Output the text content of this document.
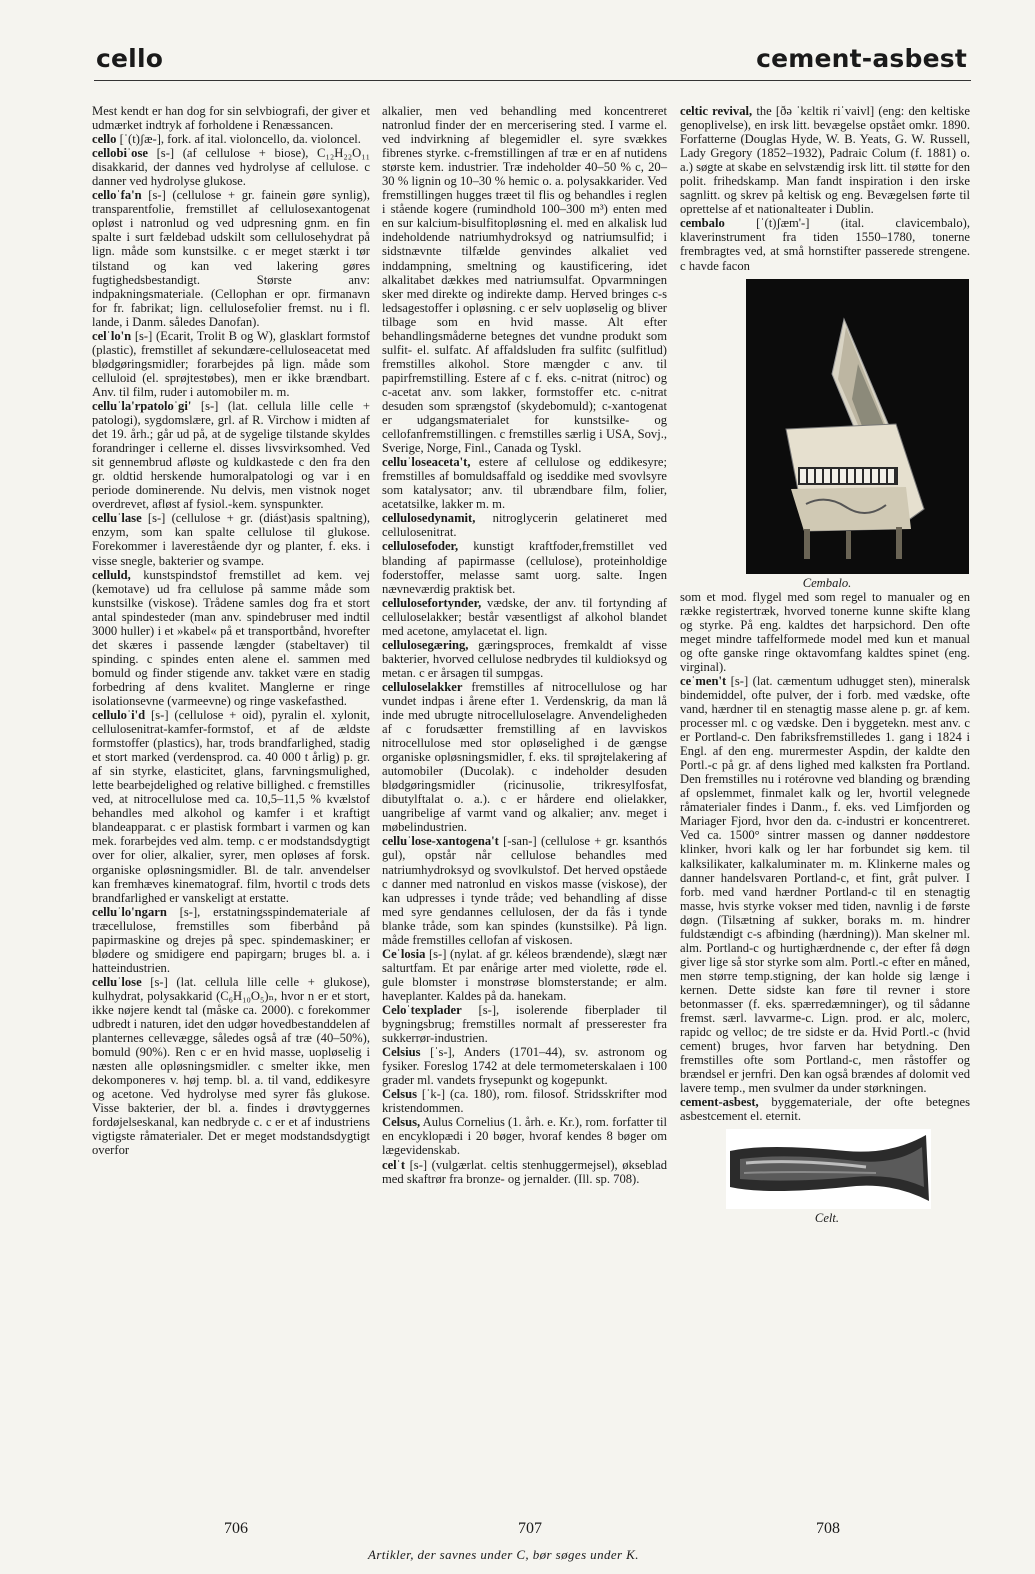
cello	cement-asbest

Mest kendt er han dog for sin selvbiografi, der giver et udmærket indtryk af forholdene i Renæssancen.

cello [ˈ(t)ʃæ-], fork. af ital. violoncello, da. violoncel.

cellobiˈose [s-] (af cellulose + biose), C₁₂H₂₂O₁₁ disakkarid, der dannes ved hydrolyse af cellulose. c danner ved hydrolyse glukose.

celloˈfa'n [s-] (cellulose + gr. fainein gøre synlig), transparentfolie, fremstillet af cellulosexantogenat opløst i natronlud og ved udpresning gnm. en fin spalte i surt fældebad udskilt som cellulosehydrat på lign. måde som kunstsilke. c er meget stærkt i tør tilstand og kan ved lakering gøres fugtighedsbestandigt. Største anv: indpakningsmateriale. (Cellophan er opr. firmanavn for fr. fabrikat; lign. cellulosefolier fremst. nu i fl. lande, i Danm. således Danofan).

celˈlo'n [s-] (Ecarit, Trolit B og W), glasklart formstof (plastic), fremstillet af sekundære-celluloseacetat med blødgøringsmidler; forarbejdes på lign. måde som celluloid (el. sprøjtestøbes), men er ikke brændbart. Anv. til film, ruder i automobiler m. m.

celluˈla'rpatoloˈgi' [s-] (lat. cellula lille celle + patologi), sygdomslære, grl. af R. Virchow i midten af det 19. årh.; går ud på, at de sygelige tilstande skyldes forandringer i cellerne el. disses livsvirksomhed. Ved sit gennembrud afløste og kuldkastede c den fra den gr. oldtid herskende humoralpatologi og var i en periode dominerende. Nu delvis, men vistnok noget overdrevet, afløst af fysiol.-kem. synspunkter.

celluˈlase [s-] (cellulose + gr. (diást)asis spaltning), enzym, som kan spalte cellulose til glukose. Forekommer i laverestående dyr og planter, f. eks. i visse snegle, bakterier og svampe.

celluld, kunstspindstof fremstillet ad kem. vej (kemotave) ud fra cellulose på samme måde som kunstsilke (viskose). Trådene samles dog fra et stort antal spindesteder (man anv. spindebruser med indtil 3000 huller) i et »kabel« på et transportbånd, hvorefter det skæres i passende længder (stabeltaver) til spinding. c spindes enten alene el. sammen med bomuld og finder stigende anv. takket være en stadig forbedring af dens kvalitet. Manglerne er ringe isolationsevne (varmeevne) og ringe vaskefasthed.

celluloˈi'd [s-] (cellulose + oid), pyralin el. xylonit, cellulosenitrat-kamfer-formstof, et af de ældste formstoffer (plastics), har, trods brandfarlighed, stadig et stort marked (verdensprod. ca. 40 000 t årlig) p. gr. af sin styrke, elasticitet, glans, farvningsmulighed, lette bearbejdelighed og relative billighed. c fremstilles ved, at nitrocellulose med ca. 10,5–11,5 % kvælstof behandles med alkohol og kamfer i et kraftigt blandeapparat. c er plastisk formbart i varmen og kan mek. forarbejdes ved alm. temp. c er modstandsdygtigt over for olier, alkalier, syrer, men opløses af forsk. organiske opløsningsmidler. Bl. de talr. anvendelser kan fremhæves kinematograf. film, hvortil c trods dets brandfarlighed er vanskeligt at erstatte.

celluˈlo'ngarn [s-], erstatningsspindemateriale af træcellulose, fremstilles som fiberbånd på papirmaskine og drejes på spec. spindemaskiner; er blødere og smidigere end papirgarn; bruges bl. a. i hatteindustrien.

celluˈlose [s-] (lat. cellula lille celle + glukose), kulhydrat, polysakkarid (C₆H₁₀O₅)ₙ, hvor n er et stort, ikke nøjere kendt tal (måske ca. 2000). c forekommer udbredt i naturen, idet den udgør hovedbestanddelen af planternes cellevægge, således også af træ (40–50%), bomuld (90%). Ren c er en hvid masse, uopløselig i næsten alle opløsningsmidler. c smelter ikke, men dekomponeres v. høj temp. bl. a. til vand, eddikesyre og acetone. Ved hydrolyse med syrer fås glukose. Visse bakterier, der bl. a. findes i drøvtyggernes fordøjelseskanal, kan nedbryde c. c er et af industriens vigtigste råmaterialer. Det er meget modstandsdygtigt overfor

alkalier, men ved behandling med koncentreret natronlud finder der en mercerisering sted. I varme el. ved indvirkning af blegemidler el. syre svækkes fibrenes styrke. c-fremstillingen af træ er en af nutidens største kem. industrier. Træ indeholder 40–50 % c, 20–30 % lignin og 10–30 % hemic o. a. polysakkarider. Ved fremstillingen hugges træet til flis og behandles i reglen i stående kogere (rumindhold 100–300 m³) enten med en sur kalcium-bisulfitopløsning el. med en alkalisk lud indeholdende natriumhydroksyd og natriumsulfid; i sidstnævnte tilfælde genvindes alkaliet ved inddampning, smeltning og kaustificering, idet alkalitabet dækkes med natriumsulfat. Opvarmningen sker med direkte og indirekte damp. Herved bringes c-s ledsagestoffer i opløsning. c er selv uopløselig og bliver tilbage som en hvid masse. Alt efter behandlingsmåderne betegnes det vundne produkt som sulfit- el. sulfatc. Af affaldsluden fra sulfitc (sulfitlud) fremstilles alkohol. Store mængder c anv. til papirfremstilling. Estere af c f. eks. c-nitrat (nitroc) og c-acetat anv. som lakker, formstoffer etc. c-nitrat desuden som sprængstof (skydebomuld); c-xantogenat er udgangsmaterialet for kunstsilke- og cellofanfremstillingen. c fremstilles særlig i USA, Sovj., Sverige, Norge, Finl., Canada og Tyskl.

celluˈloseaceta't, estere af cellulose og eddikesyre; fremstilles af bomuldsaffald og iseddike med svovlsyre som katalysator; anv. til ubrændbare film, folier, acetatsilke, lakker m. m.

cellulosedynamit, nitroglycerin gelatineret med cellulosenitrat.

cellulosefoder, kunstigt kraftfoder,fremstillet ved blanding af papirmasse (cellulose), proteinholdige foderstoffer, melasse samt uorg. salte. Ingen nævneværdig praktisk bet.

cellulosefortynder, vædske, der anv. til fortynding af celluloselakker; består væsentligst af alkohol blandet med acetone, amylacetat el. lign.

cellulosegæring, gæringsproces, fremkaldt af visse bakterier, hvorved cellulose nedbrydes til kuldioksyd og metan. c er årsagen til sumpgas.

celluloselakker fremstilles af nitrocellulose og har vundet indpas i årene efter 1. Verdenskrig, da man lå inde med ubrugte nitrocelluloselagre. Anvendeligheden af c forudsætter fremstilling af en lavviskos nitrocellulose med stor opløselighed i de gængse organiske opløsningsmidler, f. eks. til sprøjtelakering af automobiler (Ducolak). c indeholder desuden blødgøringsmidler (ricinusolie, trikresylfosfat, dibutylftalat o. a.). c er hårdere end olielakker, uangribelige af varmt vand og alkalier; anv. meget i møbelindustrien.

celluˈlose-xantogena't [-san-] (cellulose + gr. ksanthós gul), opstår når cellulose behandles med natriumhydroksyd og svovlkulstof. Det herved opståede c danner med natronlud en viskos masse (viskose), der kan udpresses i tynde tråde; ved behandling af disse med syre gendannes cellulosen, der da fås i tynde blanke tråde, som kan spindes (kunstsilke). På lign. måde fremstilles cellofan af viskosen.

Ceˈlosia [s-] (nylat. af gr. kéleos brændende), slægt nær salturtfam. Et par enårige arter med violette, røde el. gule blomster i monstrøse blomsterstande; er alm. haveplanter. Kaldes på da. hanekam.

Celoˈtexplader [s-], isolerende fiberplader til bygningsbrug; fremstilles normalt af presserester fra sukkerrør-industrien.

Celsius [ˈs-], Anders (1701–44), sv. astronom og fysiker. Foreslog 1742 at dele termometerskalaen i 100 grader ml. vandets frysepunkt og kogepunkt.

Celsus [ˈk-] (ca. 180), rom. filosof. Stridsskrifter mod kristendommen.

Celsus, Aulus Cornelius (1. årh. e. Kr.), rom. forfatter til en encyklopædi i 20 bøger, hvoraf kendes 8 bøger om lægevidenskab.

celˈt [s-] (vulgærlat. celtis stenhuggermejsel), økseblad med skaftrør fra bronze- og jernalder. (Ill. sp. 708).

celtic revival, the [ðə ˈkɛltik riˈvaivl] (eng: den keltiske genoplivelse), en irsk litt. bevægelse opstået omkr. 1890. Forfatterne (Douglas Hyde, W. B. Yeats, G. W. Russell, Lady Gregory (1852–1932), Padraic Colum (f. 1881) o. a.) søgte at skabe en selvstændig irsk litt. til støtte for den polit. frihedskamp. Man fandt inspiration i den irske sagnlitt. og skrev på keltisk og eng. Bevægelsen førte til oprettelse af et nationalteater i Dublin.

cembalo [ˈ(t)ʃæm'-] (ital. clavicembalo), klaverinstrument fra tiden 1550–1780, tonerne frembragtes ved, at små hornstifter passerede strengene. c havde facon

Cembalo.

som et mod. flygel med som regel to manualer og en række registertræk, hvorved tonerne kunne skifte klang og styrke. På eng. kaldtes det harpsichord. Den ofte meget mindre taffelformede model med kun et manual og ofte ganske ringe oktavomfang kaldtes spinet (eng. virginal).

ceˈmen't [s-] (lat. cæmentum udhugget sten), mineralsk bindemiddel, ofte pulver, der i forb. med vædske, ofte vand, hærdner til en stenagtig masse alene p. gr. af kem. processer ml. c og vædske. Den i byggetekn. mest anv. c er Portland-c. Den fabriksfremstilledes 1. gang i 1824 i Engl. af den eng. murermester Aspdin, der kaldte den Portl.-c på gr. af dens lighed med kalksten fra Portland. Den fremstilles nu i rotérovne ved blanding og brænding af opslemmet, finmalet kalk og ler, hvortil velegnede råmaterialer findes i Danm., f. eks. ved Limfjorden og Mariager Fjord, hvor den da. c-industri er koncentreret. Ved ca. 1500° sintrer massen og danner nøddestore klinker, hvori kalk og ler har forbundet sig kem. til kalksilikater, kalkaluminater m. m. Klinkerne males og danner handelsvaren Portland-c, et fint, gråt pulver. I forb. med vand hærdner Portland-c til en stenagtig masse, hvis styrke vokser med tiden, navnlig i de første døgn. (Tilsætning af sukker, boraks m. m. hindrer fuldstændigt c-s afbinding (hærdning)). Man skelner ml. alm. Portland-c og hurtighærdnende c, der efter få døgn giver lige så stor styrke som alm. Portl.-c efter en måned, men større temp.stigning, der kan holde sig længe i kernen. Dette sidste kan føre til revner i store betonmasser (f. eks. spærredæmninger), og til sådanne fremst. særl. lavvarme-c. Lign. prod. er alc, molerc, rapidc og velloc; de tre sidste er da. Hvid Portl.-c (hvid cement) bruges, hvor farven har betydning. Den fremstilles ofte som Portland-c, men råstoffer og brændsel er jernfri. Den kan også brændes af dolomit ved lavere temp., men svulmer da under størkningen.

cement-asbest, byggemateriale, der ofte betegnes asbestcement el. eternit.

Celt.
706	707	708
Artikler, der savnes under C, bør søges under K.
